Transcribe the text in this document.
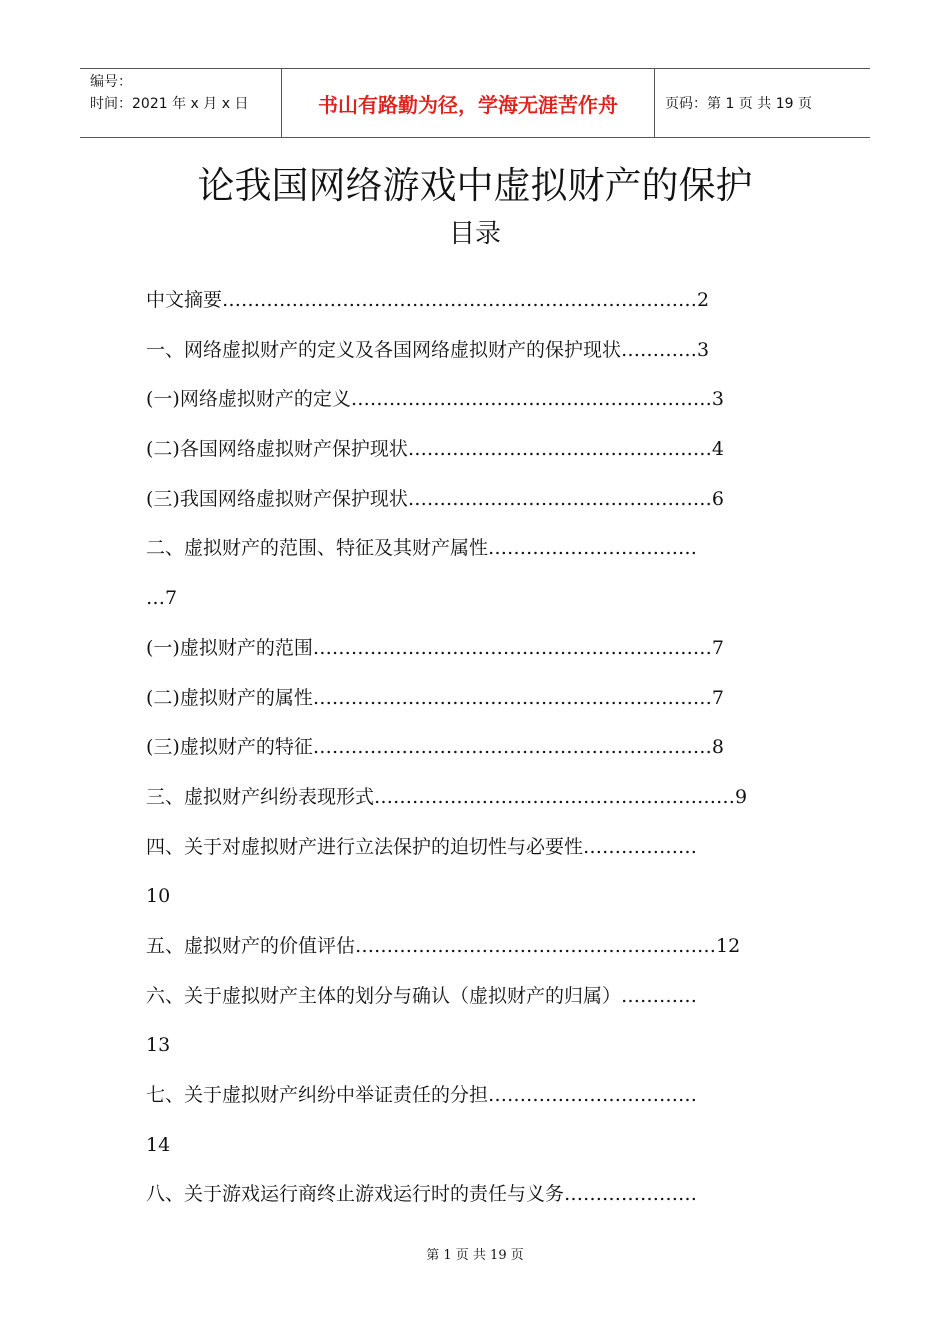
编号：
时间：2021 年 x 月 x 日	书山有路勤为径，学海无涯苦作舟	页码：第 1 页 共 19 页
论我国网络游戏中虚拟财产的保护
目录
中文摘要…………………………………………………………………2
一、网络虚拟财产的定义及各国网络虚拟财产的保护现状…………3
(一)网络虚拟财产的定义…………………………………………………3
(二)各国网络虚拟财产保护现状…………………………………………4
(三)我国网络虚拟财产保护现状…………………………………………6
二、虚拟财产的范围、特征及其财产属性……………………………
…7
(一)虚拟财产的范围………………………………………………………7
(二)虚拟财产的属性………………………………………………………7
(三)虚拟财产的特征………………………………………………………8
三、虚拟财产纠纷表现形式…………………………………………………9
四、关于对虚拟财产进行立法保护的迫切性与必要性………………
10
五、虚拟财产的价值评估…………………………………………………12
六、关于虚拟财产主体的划分与确认（虚拟财产的归属）…………
13
七、关于虚拟财产纠纷中举证责任的分担……………………………
14
八、关于游戏运行商终止游戏运行时的责任与义务…………………
第 1 页 共 19 页
